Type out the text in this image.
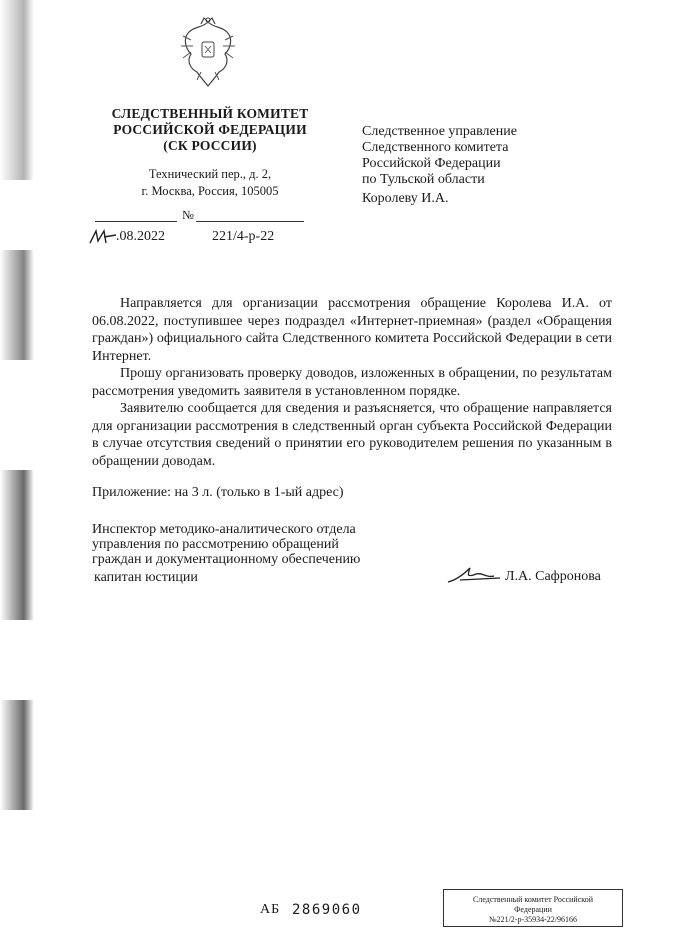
СЛЕДСТВЕННЫЙ КОМИТЕТ
РОССИЙСКОЙ ФЕДЕРАЦИИ
(СК РОССИИ)
Технический пер., д. 2,
г. Москва, Россия, 105005
№
.08.2022	221/4-р-22
Следственное управление
Следственного комитета
Российской Федерации
по Тульской области
Королеву И.А.

Направляется для организации рассмотрения обращение Королева И.А. от 06.08.2022, поступившее через подраздел «Интернет-приемная» (раздел «Обращения граждан») официального сайта Следственного комитета Российской Федерации в сети Интернет.

Прошу организовать проверку доводов, изложенных в обращении, по результатам рассмотрения уведомить заявителя в установленном порядке.

Заявителю сообщается для сведения и разъясняется, что обращение направляется для организации рассмотрения в следственный орган субъекта Российской Федерации в случае отсутствия сведений о принятии его руководителем решения по указанным в обращении доводам.

Приложение: на 3 л. (только в 1-ый адрес)
Инспектор методико-аналитического отдела
управления по рассмотрению обращений
граждан и документационному обеспечению
капитан юстиции	Л.А. Сафронова
АБ 2869060
Следственный комитет Российской
Федерации
№221/2-р-35934-22/96166
